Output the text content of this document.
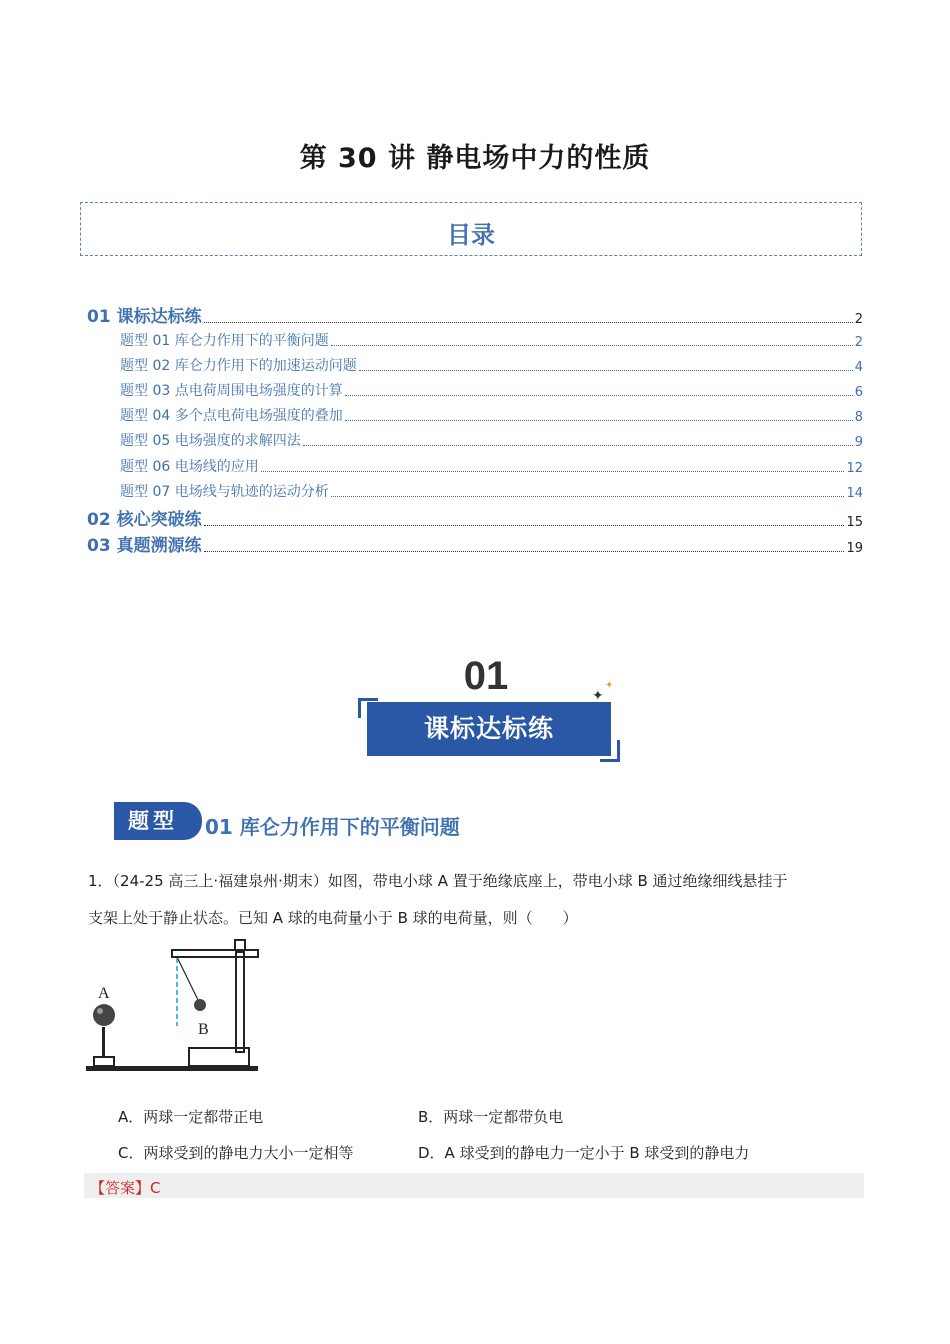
第 30 讲 静电场中力的性质
目录
01 课标达标练	2
题型 01 库仑力作用下的平衡问题	2
题型 02 库仑力作用下的加速运动问题	4
题型 03 点电荷周围电场强度的计算	6
题型 04 多个点电荷电场强度的叠加	8
题型 05 电场强度的求解四法	9
题型 06 电场线的应用	12
题型 07 电场线与轨迹的运动分析	14
02 核心突破练	15
03 真题溯源练	19
01
课标达标练
✦
✦
题型	01 库仑力作用下的平衡问题
1．（24-25 高三上·福建泉州·期末）如图，带电小球 A 置于绝缘底座上，带电小球 B 通过绝缘细线悬挂于
支架上处于静止状态。已知 A 球的电荷量小于 B 球的电荷量，则（　　）
A
B
A．两球一定都带正电	B．两球一定都带负电
C．两球受到的静电力大小一定相等	D．A 球受到的静电力一定小于 B 球受到的静电力
【答案】C
